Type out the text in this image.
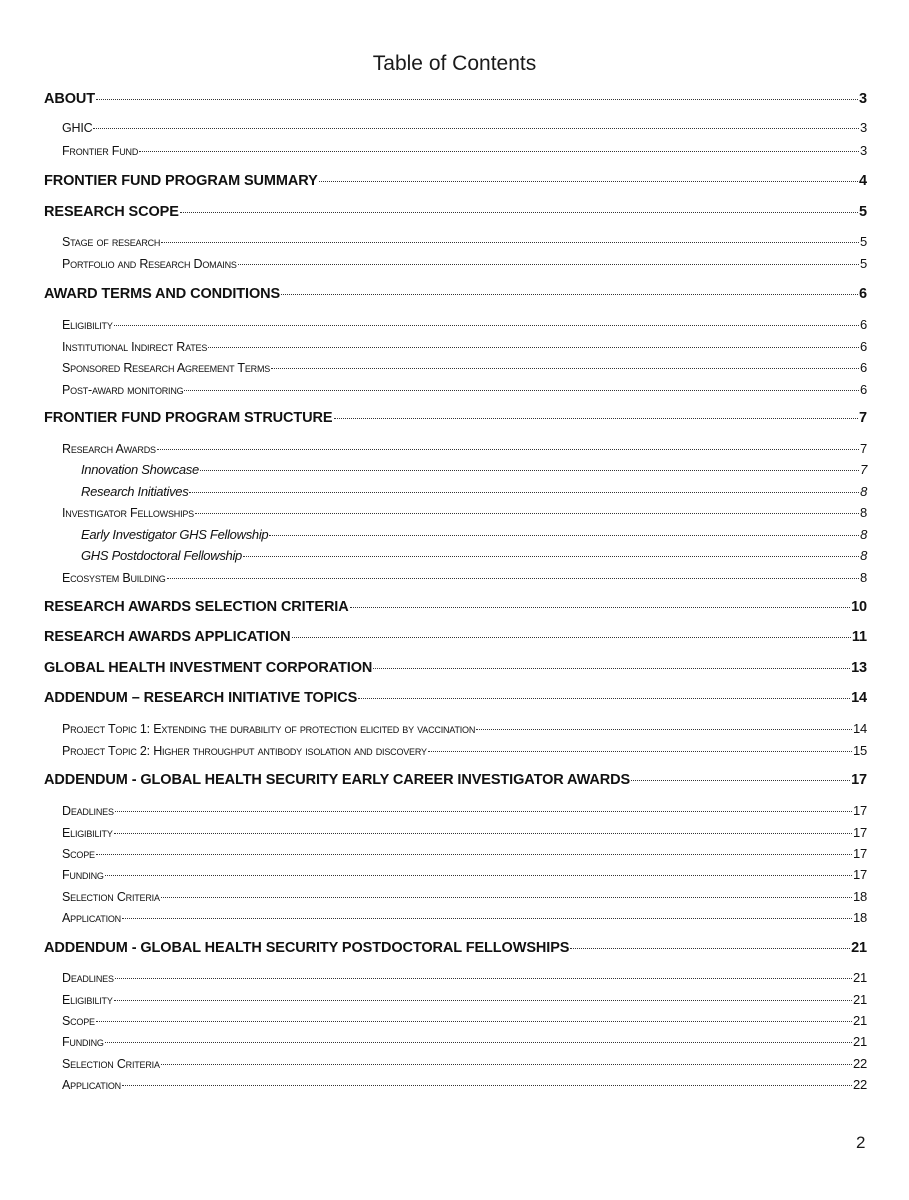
Table of Contents
ABOUT	3
GHIC	3
Frontier Fund	3
FRONTIER FUND PROGRAM SUMMARY	4
RESEARCH SCOPE	5
Stage of research	5
Portfolio and Research Domains	5
AWARD TERMS AND CONDITIONS	6
Eligibility	6
Institutional Indirect Rates	6
Sponsored Research Agreement Terms	6
Post-award monitoring	6
FRONTIER FUND PROGRAM STRUCTURE	7
Research Awards	7
Innovation Showcase	7
Research Initiatives	8
Investigator Fellowships	8
Early Investigator GHS Fellowship	8
GHS Postdoctoral Fellowship	8
Ecosystem Building	8
RESEARCH AWARDS SELECTION CRITERIA	10
RESEARCH AWARDS APPLICATION	11
GLOBAL HEALTH INVESTMENT CORPORATION	13
ADDENDUM – RESEARCH INITIATIVE TOPICS	14
Project Topic 1: Extending the durability of protection elicited by vaccination	14
Project Topic 2: Higher throughput antibody isolation and discovery	15
ADDENDUM - GLOBAL HEALTH SECURITY EARLY CAREER INVESTIGATOR AWARDS	17
Deadlines	17
Eligibility	17
Scope	17
Funding	17
Selection Criteria	18
Application	18
ADDENDUM - GLOBAL HEALTH SECURITY POSTDOCTORAL FELLOWSHIPS	21
Deadlines	21
Eligibility	21
Scope	21
Funding	21
Selection Criteria	22
Application	22
2
